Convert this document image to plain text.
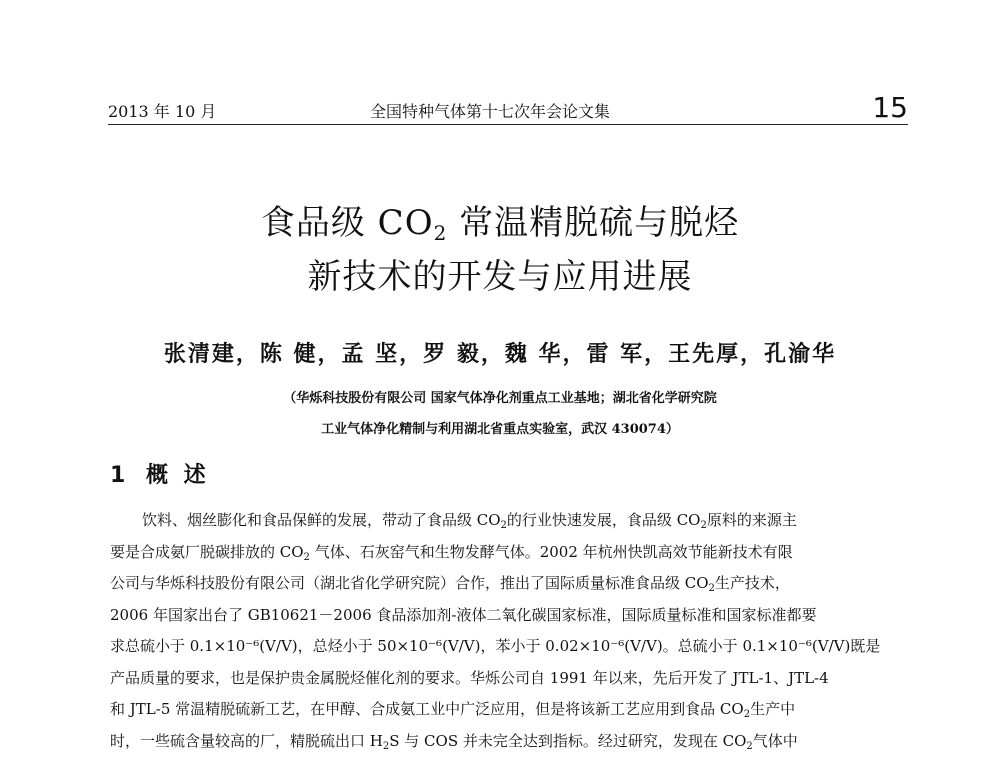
2013 年 10 月	全国特种气体第十七次年会论文集	15
食品级 $CO_2$ 常温精脱硫与脱烃
新技术的开发与应用进展
张清建，陈 健，孟 坚，罗 毅，魏 华，雷 军，王先厚，孔渝华
（华烁科技股份有限公司 国家气体净化剂重点工业基地；湖北省化学研究院
工业气体净化精制与利用湖北省重点实验室，武汉 430074）
1 概 述
饮料、烟丝膨化和食品保鲜的发展，带动了食品级 $CO_2$的行业快速发展，食品级 $CO_2$原料的来源主
要是合成氨厂脱碳排放的 $CO_2$ 气体、石灰窑气和生物发酵气体。2002 年杭州快凯高效节能新技术有限
公司与华烁科技股份有限公司（湖北省化学研究院）合作，推出了国际质量标准食品级 $CO_2$生产技术，
2006 年国家出台了 GB10621－2006 食品添加剂-液体二氧化碳国家标准，国际质量标准和国家标准都要
求总硫小于 0.1×10⁻⁶(V/V)，总烃小于 50×10⁻⁶(V/V)，苯小于 0.02×10⁻⁶(V/V)。总硫小于 0.1×10⁻⁶(V/V)既是
产品质量的要求，也是保护贵金属脱烃催化剂的要求。华烁公司自 1991 年以来，先后开发了 JTL-1、JTL-4
和 JTL-5 常温精脱硫新工艺，在甲醇、合成氨工业中广泛应用，但是将该新工艺应用到食品 $CO_2$生产中
时，一些硫含量较高的厂，精脱硫出口 $H_2S$ 与 COS 并未完全达到指标。经过研究，发现在 $CO_2$气体中
